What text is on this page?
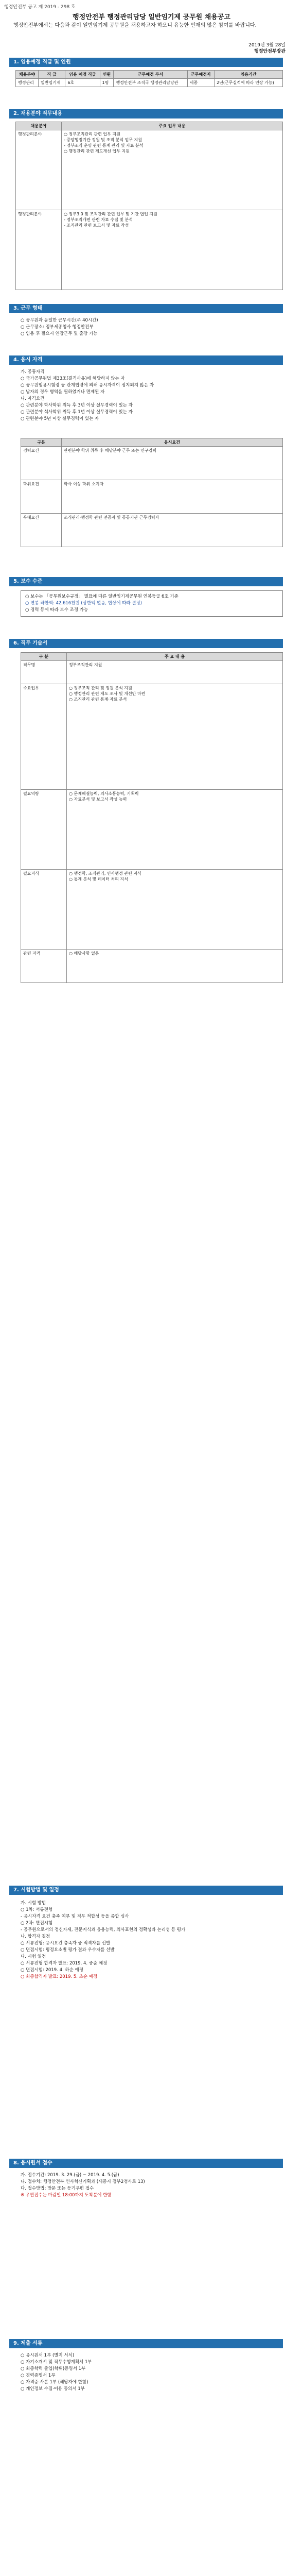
행정안전부 공고 제 2019 - 298 호
행정안전부 행정관리담당 일반임기제 공무원 채용공고
행정안전부에서는 다음과 같이 일반임기제 공무원을 채용하고자 하오니 유능한 인재의 많은 참여를 바랍니다.
2019년 3월 28일
행정안전부장관
1. 임용예정 직급 및 인원
채용분야	직 급	임용 예정 직급	인원	근무예정 부서	근무예정지	임용기간
행정관리	일반임기제	6호	1명	행정안전부 조직국 행정관리담당관	세종	2년(근무실적에 따라 연장 가능)
2. 채용분야 직무내용
채용분야	주요 업무 내용
행정관리분야	○ 정부조직관리 관련 업무 지원
- 중앙행정기관 정원 및 조직 분석 업무 지원
- 정부조직 운영 관련 통계 관리 및 자료 분석
○ 행정관리 관련 제도개선 업무 지원
행정관리분야	○ 정부3.0 및 조직관리 관련 업무 및 기관 협업 지원
- 정부조직개편 관련 자료 수집 및 분석
- 조직관리 관련 보고서 및 자료 작성
3. 근무 형태

○ 공무원과 동일한 근무시간(주 40시간)

○ 근무장소: 정부세종청사 행정안전부

○ 임용 후 필요시 연장근무 및 출장 가능

4. 응시 자격

가. 공통자격

○ 국가공무원법 제33조(결격사유)에 해당하지 않는 자

○ 공무원임용시험령 등 관계법령에 의해 응시자격이 정지되지 않은 자

○ 남자의 경우 병역을 필하였거나 면제된 자

나. 자격요건

○ 관련분야 학사학위 취득 후 3년 이상 실무경력이 있는 자

○ 관련분야 석사학위 취득 후 1년 이상 실무경력이 있는 자

○ 관련분야 5년 이상 실무경력이 있는 자

구분	응시요건
경력요건	관련분야 학위 취득 후 해당분야 근무 또는 연구경력
학위요건	학사 이상 학위 소지자
우대요건	조직관리·행정학 관련 전공자 및 공공기관 근무경력자
5. 보수 수준

○ 보수는 「공무원보수규정」 별표에 따른 일반임기제공무원 연봉등급 6호 기준

○ 연봉 하한액: 42,616천원 (상한액 없음, 협상에 따라 결정)

○ 경력 등에 따라 보수 조정 가능

6. 직무 기술서
구 분	주 요 내 용
직무명	정부조직관리 지원
주요업무	○ 정부조직 관리 및 정원 분석 지원
○ 행정관리 관련 제도 조사 및 개선안 마련
○ 조직관리 관련 통계·자료 분석
필요역량	○ 문제해결능력, 의사소통능력, 기획력
○ 자료분석 및 보고서 작성 능력
필요지식	○ 행정학, 조직관리, 인사행정 관련 지식
○ 통계 분석 및 데이터 처리 지식
관련 자격	○ 해당사항 없음
7. 시험방법 및 일정

가. 시험 방법

○ 1차: 서류전형

- 응시자격 요건 충족 여부 및 직무 적합성 등을 종합 심사

○ 2차: 면접시험

- 공무원으로서의 정신자세, 전문지식과 응용능력, 의사표현의 정확성과 논리성 등 평가

나. 합격자 결정

○ 서류전형: 응시요건 충족자 중 적격자를 선발

○ 면접시험: 평정요소별 평가 결과 우수자를 선발

다. 시험 일정

○ 서류전형 합격자 발표: 2019. 4. 중순 예정

○ 면접시험: 2019. 4. 하순 예정

○ 최종합격자 발표: 2019. 5. 초순 예정

8. 응시원서 접수

가. 접수기간: 2019. 3. 29.(금) ~ 2019. 4. 5.(금)

나. 접수처: 행정안전부 인사혁신기획과 (세종시 정부2청사로 13)

다. 접수방법: 방문 또는 등기우편 접수

※ 우편접수는 마감일 18:00까지 도착분에 한함

9. 제출 서류

○ 응시원서 1부 (별지 서식)

○ 자기소개서 및 직무수행계획서 1부

○ 최종학력 졸업(학위)증명서 1부

○ 경력증명서 1부

○ 자격증 사본 1부 (해당자에 한함)

○ 개인정보 수집·이용 동의서 1부
